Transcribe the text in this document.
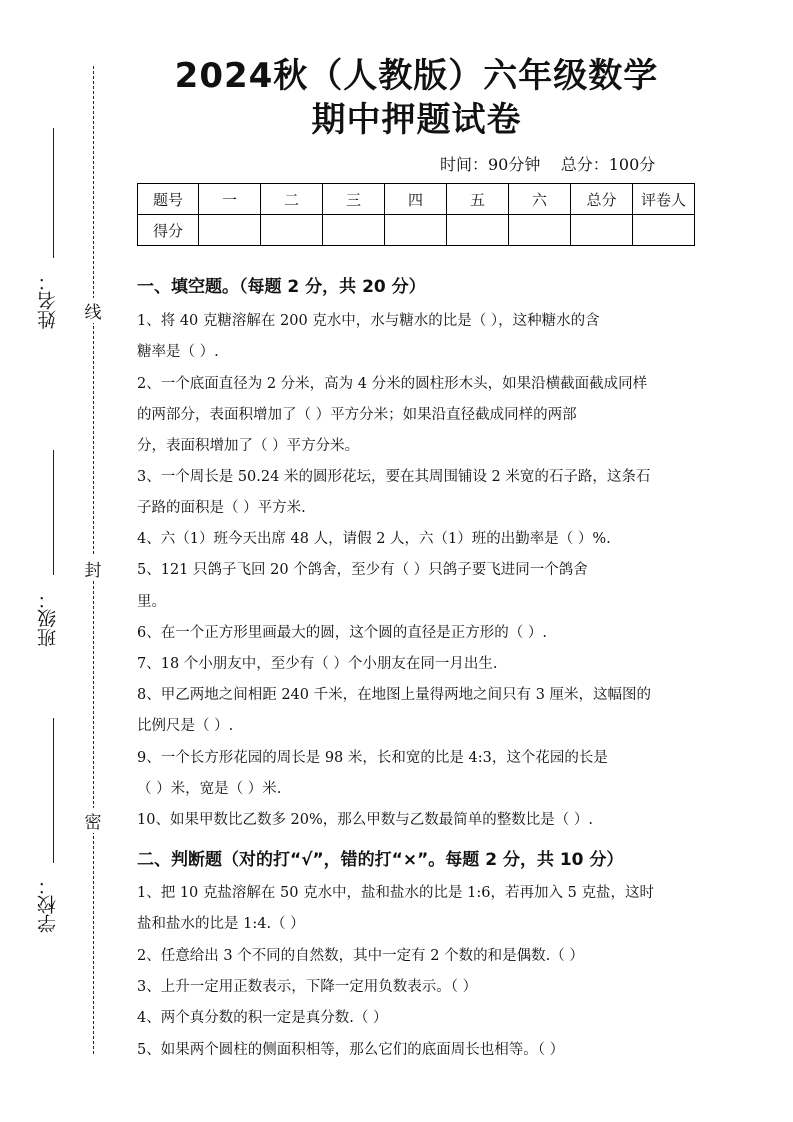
线
封
密
姓名：
班级：
学校：
2024秋（人教版）六年级数学
期中押题试卷
时间：90分钟    总分：100分
题号	一	二	三	四	五	六	总分	评卷人
得分								
一、填空题。（每题 2 分，共 20 分）
1、将 40 克糖溶解在 200 克水中，水与糖水的比是（ ），这种糖水的含
糖率是（ ）.
2、一个底面直径为 2 分米，高为 4 分米的圆柱形木头，如果沿横截面截成同样
的两部分，表面积增加了（ ）平方分米；如果沿直径截成同样的两部
分，表面积增加了（ ）平方分米。
3、一个周长是 50.24 米的圆形花坛，要在其周围铺设 2 米宽的石子路，这条石
子路的面积是（ ）平方米.
4、六（1）班今天出席 48 人，请假 2 人，六（1）班的出勤率是（ ）%.
5、121 只鸽子飞回 20 个鸽舍，至少有（ ）只鸽子要飞进同一个鸽舍
里。
6、在一个正方形里画最大的圆，这个圆的直径是正方形的（ ）.
7、18 个小朋友中，至少有（ ）个小朋友在同一月出生.
8、甲乙两地之间相距 240 千米，在地图上量得两地之间只有 3 厘米，这幅图的
比例尺是（ ）.
9、一个长方形花园的周长是 98 米，长和宽的比是 4:3，这个花园的长是
（ ）米，宽是（ ）米.
10、如果甲数比乙数多 20%，那么甲数与乙数最简单的整数比是（ ）.
二、判断题（对的打“√”，错的打“×”。每题 2 分，共 10 分）
1、把 10 克盐溶解在 50 克水中，盐和盐水的比是 1:6，若再加入 5 克盐，这时
盐和盐水的比是 1:4.（ ）
2、任意给出 3 个不同的自然数，其中一定有 2 个数的和是偶数.（ ）
3、上升一定用正数表示，下降一定用负数表示。（ ）
4、两个真分数的积一定是真分数.（ ）
5、如果两个圆柱的侧面积相等，那么它们的底面周长也相等。（ ）
